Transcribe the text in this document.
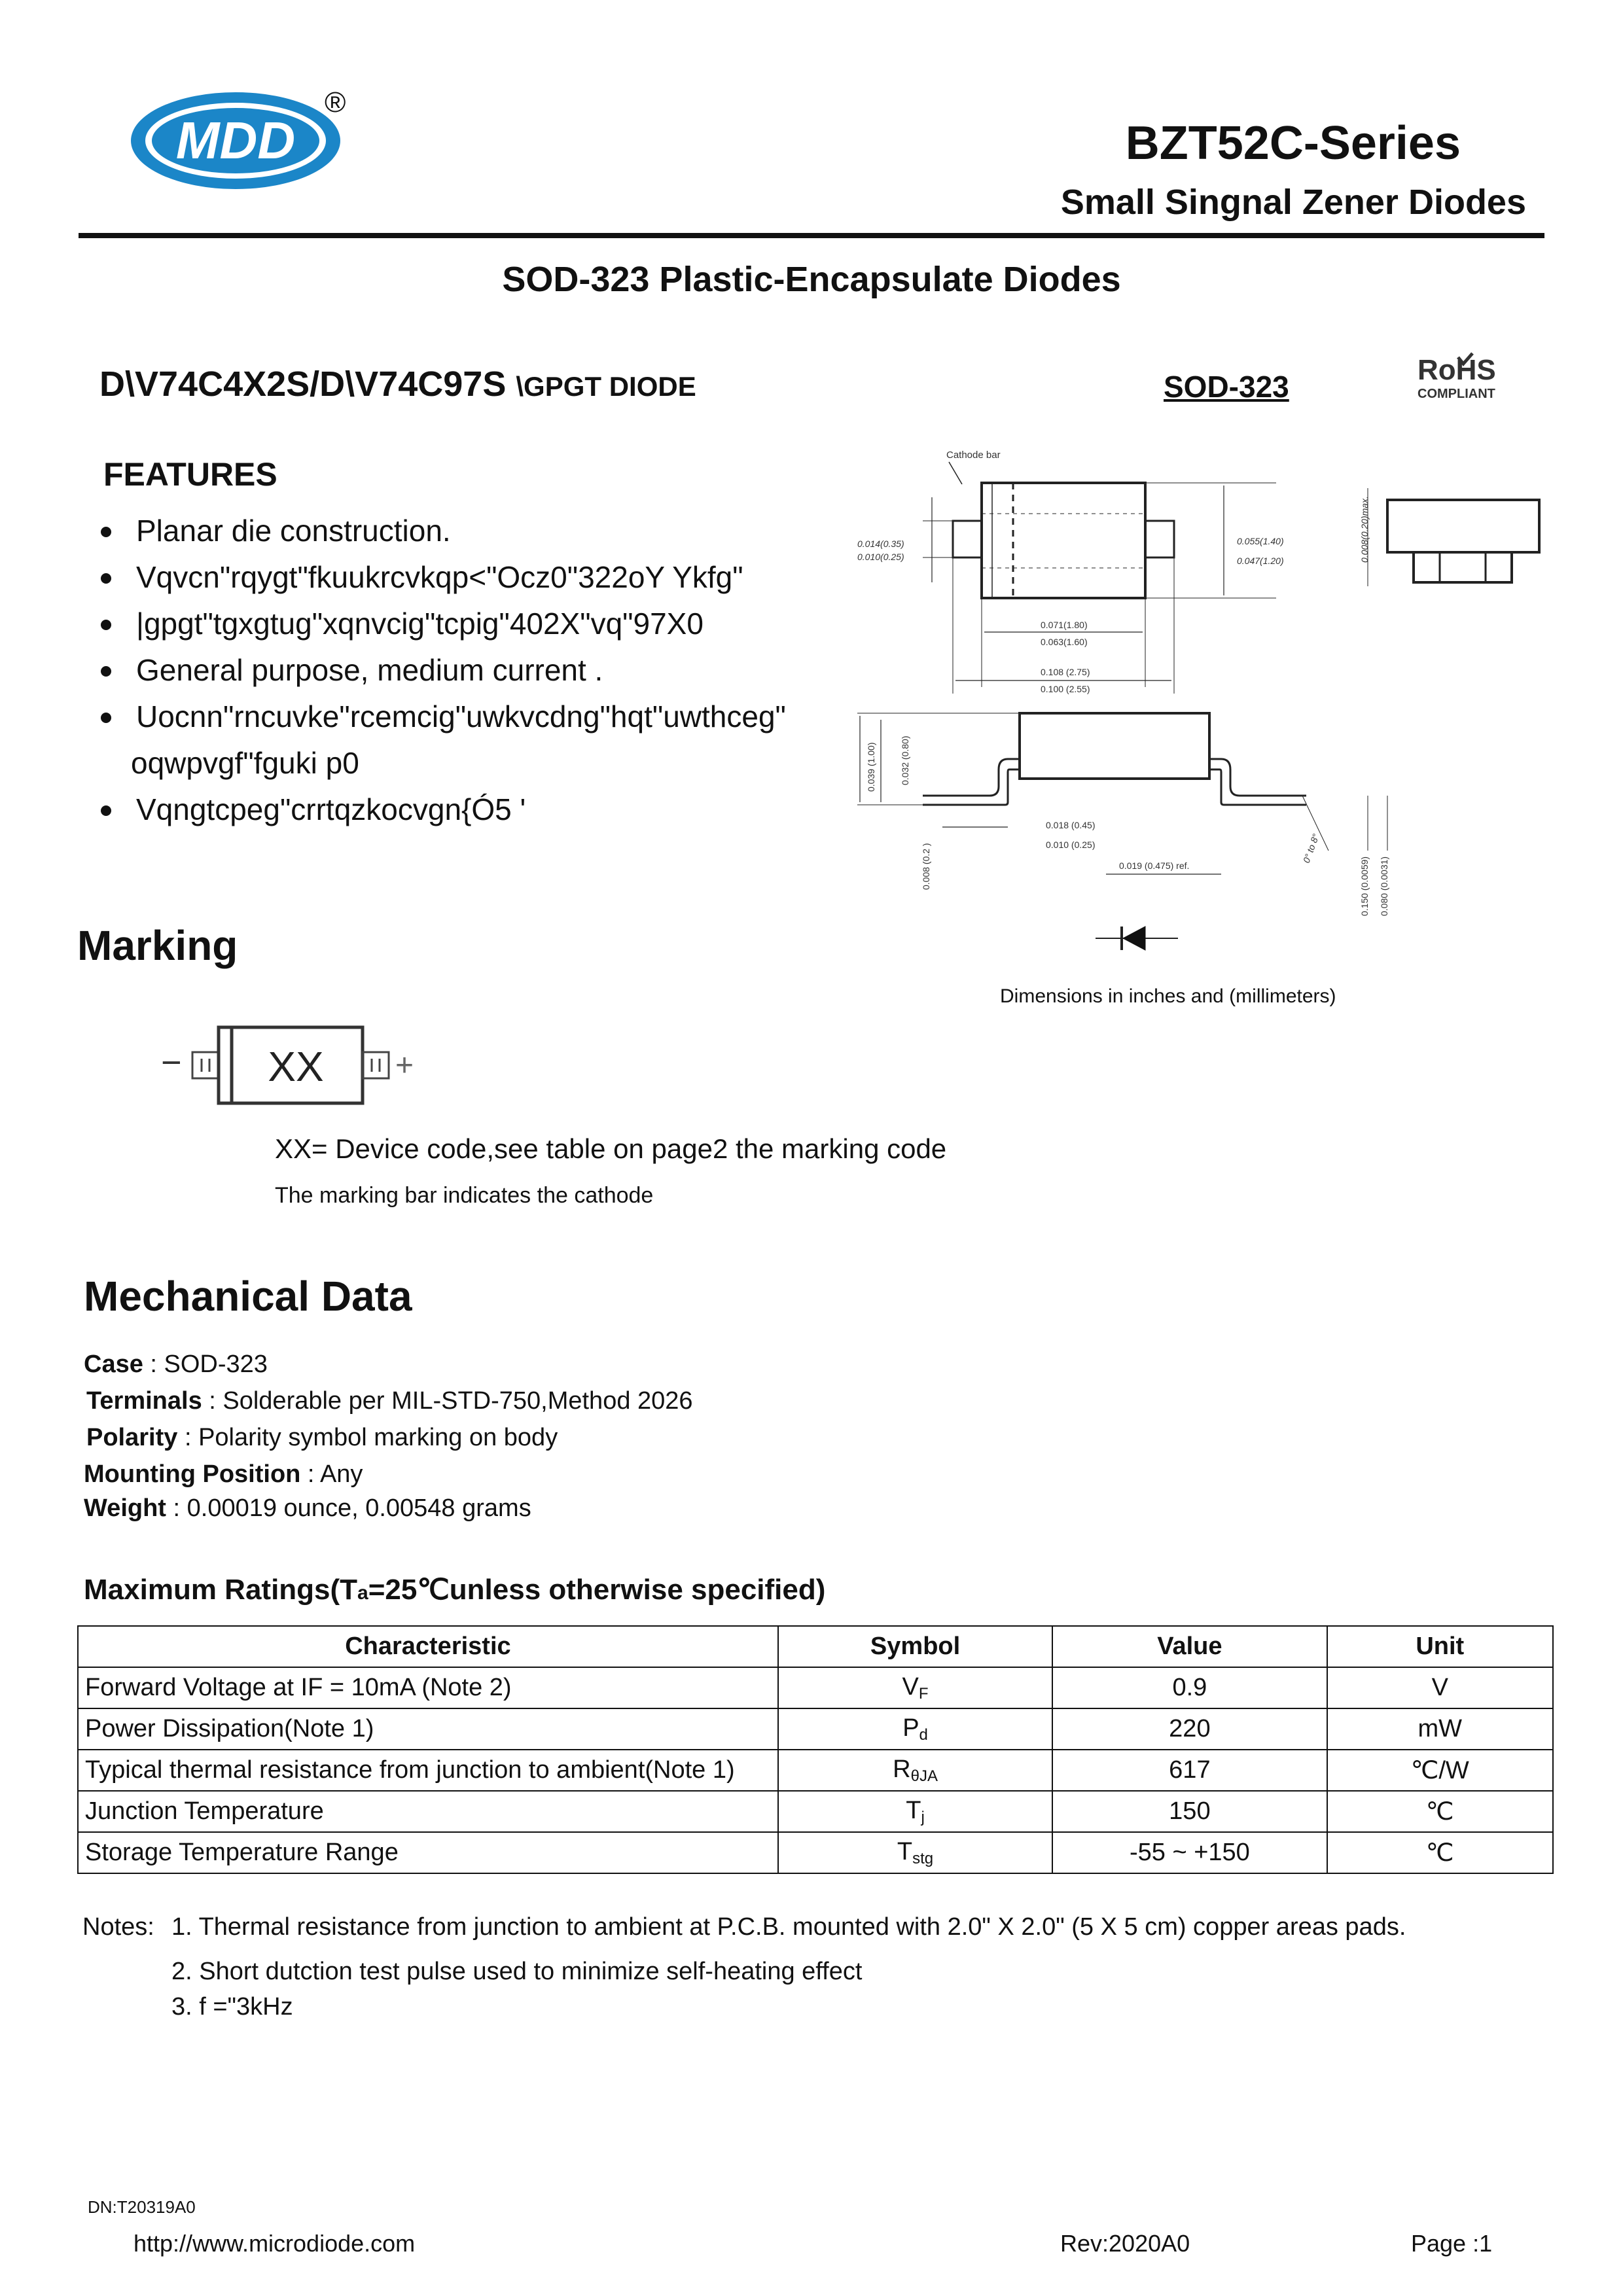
MDD
®
BZT52C-Series
Small Singnal Zener Diodes
SOD-323 Plastic-Encapsulate Diodes
D\V74C4X2S/D\V74C97S \GPGT DIODE	SOD-323	RoHS
COMPLIANT
FEATURES
Planar die construction.
Vqvcn"rqygt"fkuukrcvkqp<"Ocz0"322oY Ykfg"
|gpgt"tgxgtug"xqnvcig"tcpig"402X"vq"97X0
General purpose, medium current .
Uocnn"rncuvke"rcemcig"uwkvcdng"hqt"uwthceg"
oqwpvgf"fguki p0
Vqngtcpeg"crrtqzkocvgn{Ó5 '
Cathode bar
0.014(0.35)
0.010(0.25)
0.055(1.40)
0.047(1.20)
0.071(1.80)
0.063(1.60)
0.108 (2.75)
0.100 (2.55)
0.008(0.20)max.
0.039 (1.00)	0.032 (0.80)
0.018 (0.45)
0.010 (0.25)
0.019 (0.475) ref.
0.008 (0.2 )	0° to 8°
0.150 (0.0059) 0.080 (0.0031)
Dimensions in inches and (millimeters)
Marking
− XX +
XX= Device code,see table on page2 the marking code
The marking bar indicates the cathode
Mechanical Data
Case : SOD-323
Terminals : Solderable per MIL-STD-750,Method 2026
Polarity : Polarity symbol marking on body
Mounting Position : Any
Weight : 0.00019 ounce, 0.00548 grams
Maximum Ratings(Ta=25℃unless otherwise specified)
Characteristic	Symbol	Value	Unit
Forward Voltage at IF = 10mA (Note 2)	VF	0.9	V
Power Dissipation(Note 1)	Pd	220	mW
Typical thermal resistance from junction to ambient(Note 1)	RθJA	617	℃/W
Junction Temperature	Tj	150	℃
Storage Temperature Range	Tstg	-55 ~ +150	℃
Notes: 1. Thermal resistance from junction to ambient at P.C.B. mounted with 2.0" X 2.0" (5 X 5 cm) copper areas pads.
2. Short dutction test pulse used to minimize self-heating effect
3. f ="3kHz
DN:T20319A0
http://www.microdiode.com	Rev:2020A0	Page :1
